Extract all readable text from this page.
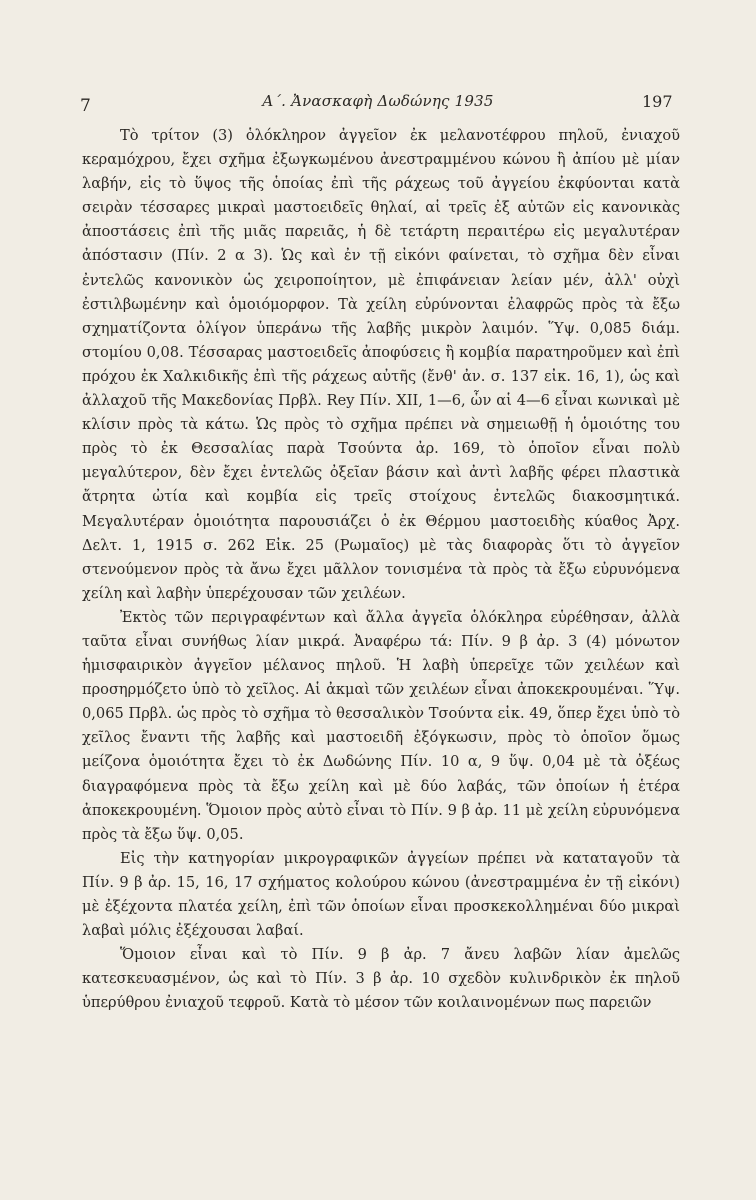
7	Α΄. Ἀνασκαφὴ Δωδώνης 1935	197

Τὸ τρίτον (3) ὁλόκληρον ἀγγεῖον ἐκ μελανοτέφρου πηλοῦ, ἐνιαχοῦ κεραμόχρου, ἔχει σχῆμα ἐξωγκωμένου ἀνεστραμμένου κώνου ἢ ἀπίου μὲ μίαν λαβήν, εἰς τὸ ὕψος τῆς ὁποίας ἐπὶ τῆς ράχεως τοῦ ἀγγείου ἐκφύονται κατὰ σειρὰν τέσσαρες μικραὶ μαστοειδεῖς θηλαί, αἱ τρεῖς ἐξ αὐτῶν εἰς κανονικὰς ἀποστάσεις ἐπὶ τῆς μιᾶς παρειᾶς, ἡ δὲ τετάρτη περαιτέρω εἰς μεγαλυτέραν ἀπόστασιν (Πίν. 2 α 3). Ὡς καὶ ἐν τῇ εἰκόνι φαίνεται, τὸ σχῆμα δὲν εἶναι ἐντελῶς κανονικὸν ὡς χειροποίητον, μὲ ἐπιφάνειαν λείαν μέν, ἀλλ' οὐχὶ ἐστιλβωμένην καὶ ὁμοιόμορφον. Τὰ χείλη εὐρύνονται ἐλαφρῶς πρὸς τὰ ἔξω σχηματίζοντα ὀλίγον ὑπεράνω τῆς λαβῆς μικρὸν λαιμόν. Ὕψ. 0,085 διάμ. στομίου 0,08. Τέσσαρας μαστοειδεῖς ἀποφύσεις ἢ κομβία παρατηροῦμεν καὶ ἐπὶ πρόχου ἐκ Χαλκιδικῆς ἐπὶ τῆς ράχεως αὐτῆς (ἔνθ' ἀν. σ. 137 εἰκ. 16, 1), ὡς καὶ ἀλλαχοῦ τῆς Μακεδονίας Πρβλ. Rey Πίν. XII, 1—6, ὧν αἱ 4—6 εἶναι κωνικαὶ μὲ κλίσιν πρὸς τὰ κάτω. Ὡς πρὸς τὸ σχῆμα πρέπει νὰ σημειωθῇ ἡ ὁμοιότης του πρὸς τὸ ἐκ Θεσσαλίας παρὰ Τσούντα ἀρ. 169, τὸ ὁποῖον εἶναι πολὺ μεγαλύτερον, δὲν ἔχει ἐντελῶς ὀξεῖαν βάσιν καὶ ἀντὶ λαβῆς φέρει πλαστικὰ ἄτρητα ὠτία καὶ κομβία εἰς τρεῖς στοίχους ἐντελῶς διακοσμητικά. Μεγαλυτέραν ὁμοιότητα παρουσιάζει ὁ ἐκ Θέρμου μαστοειδὴς κύαθος Ἀρχ. Δελτ. 1, 1915 σ. 262 Εἰκ. 25 (Ρωμαῖος) μὲ τὰς διαφορὰς ὅτι τὸ ἀγγεῖον στενούμενον πρὸς τὰ ἄνω ἔχει μᾶλλον τονισμένα τὰ πρὸς τὰ ἔξω εὐρυνόμενα χείλη καὶ λαβὴν ὑπερέχουσαν τῶν χειλέων.

Ἐκτὸς τῶν περιγραφέντων καὶ ἄλλα ἀγγεῖα ὁλόκληρα εὑρέθησαν, ἀλλὰ ταῦτα εἶναι συνήθως λίαν μικρά. Ἀναφέρω τά: Πίν. 9 β ἀρ. 3 (4) μόνωτον ἡμισφαιρικὸν ἀγγεῖον μέλανος πηλοῦ. Ἡ λαβὴ ὑπερεῖχε τῶν χειλέων καὶ προσηρμόζετο ὑπὸ τὸ χεῖλος. Αἱ ἀκμαὶ τῶν χειλέων εἶναι ἀποκεκρουμέναι. Ὕψ. 0,065 Πρβλ. ὡς πρὸς τὸ σχῆμα τὸ θεσσαλικὸν Τσούντα εἰκ. 49, ὅπερ ἔχει ὑπὸ τὸ χεῖλος ἔναντι τῆς λαβῆς καὶ μαστοειδῆ ἐξόγκωσιν, πρὸς τὸ ὁποῖον ὅμως μείζονα ὁμοιότητα ἔχει τὸ ἐκ Δωδώνης Πίν. 10 α, 9 ὕψ. 0,04 μὲ τὰ ὀξέως διαγραφόμενα πρὸς τὰ ἔξω χείλη καὶ μὲ δύο λαβάς, τῶν ὁποίων ἡ ἑτέρα ἀποκεκρουμένη. Ὅμοιον πρὸς αὐτὸ εἶναι τὸ Πίν. 9 β ἀρ. 11 μὲ χείλη εὐρυνόμενα πρὸς τὰ ἔξω ὕψ. 0,05.

Εἰς τὴν κατηγορίαν μικρογραφικῶν ἀγγείων πρέπει νὰ καταταγοῦν τὰ Πίν. 9 β ἀρ. 15, 16, 17 σχήματος κολούρου κώνου (ἀνεστραμμένα ἐν τῇ εἰκόνι) μὲ ἐξέχοντα πλατέα χείλη, ἐπὶ τῶν ὁποίων εἶναι προσκεκολλημέναι δύο μικραὶ λαβαὶ μόλις ἐξέχουσαι λαβαί.

Ὅμοιον εἶναι καὶ τὸ Πίν. 9 β ἀρ. 7 ἄνευ λαβῶν λίαν ἀμελῶς κατεσκευασμένον, ὡς καὶ τὸ Πίν. 3 β ἀρ. 10 σχεδὸν κυλινδρικὸν ἐκ πηλοῦ ὑπερύθρου ἐνιαχοῦ τεφροῦ. Κατὰ τὸ μέσον τῶν κοιλαινομένων πως παρειῶν
